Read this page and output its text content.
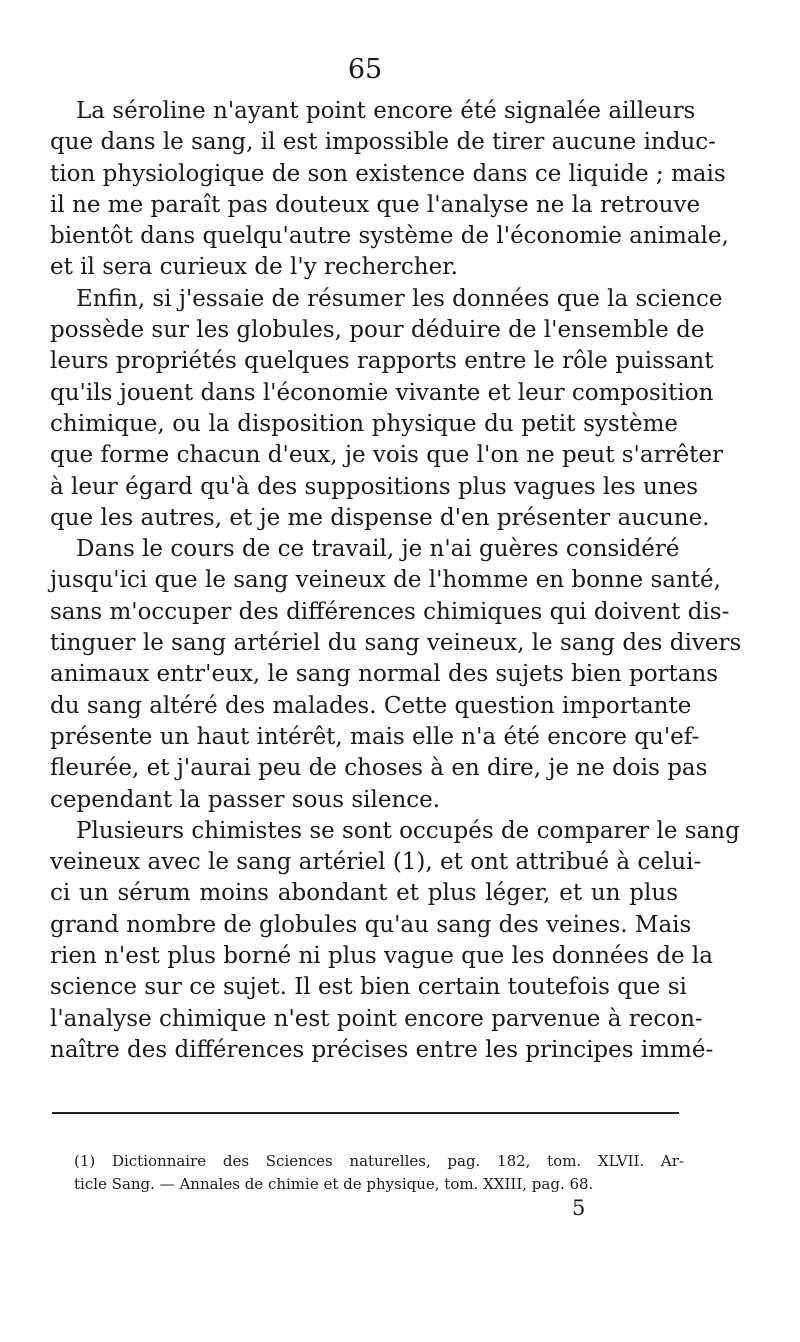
65
La séroline n'ayant point encore été signalée ailleurs
que dans le sang, il est impossible de tirer aucune induc-
tion physiologique de son existence dans ce liquide ; mais
il ne me paraît pas douteux que l'analyse ne la retrouve
bientôt dans quelqu'autre système de l'économie animale,
et il sera curieux de l'y rechercher.
Enfin, si j'essaie de résumer les données que la science
possède sur les globules, pour déduire de l'ensemble de
leurs propriétés quelques rapports entre le rôle puissant
qu'ils jouent dans l'économie vivante et leur composition
chimique, ou la disposition physique du petit système
que forme chacun d'eux, je vois que l'on ne peut s'arrêter
à leur égard qu'à des suppositions plus vagues les unes
que les autres, et je me dispense d'en présenter aucune.
Dans le cours de ce travail, je n'ai guères considéré
jusqu'ici que le sang veineux de l'homme en bonne santé,
sans m'occuper des différences chimiques qui doivent dis-
tinguer le sang artériel du sang veineux, le sang des divers
animaux entr'eux, le sang normal des sujets bien portans
du sang altéré des malades. Cette question importante
présente un haut intérêt, mais elle n'a été encore qu'ef-
fleurée, et j'aurai peu de choses à en dire, je ne dois pas
cependant la passer sous silence.
Plusieurs chimistes se sont occupés de comparer le sang
veineux avec le sang artériel (1), et ont attribué à celui-
ci un sérum moins abondant et plus léger, et un plus
grand nombre de globules qu'au sang des veines. Mais
rien n'est plus borné ni plus vague que les données de la
science sur ce sujet. Il est bien certain toutefois que si
l'analyse chimique n'est point encore parvenue à recon-
naître des différences précises entre les principes immé-
(1) Dictionnaire des Sciences naturelles, pag. 182, tom. XLVII. Ar-
ticle Sang. — Annales de chimie et de physique, tom. XXIII, pag. 68.
5
